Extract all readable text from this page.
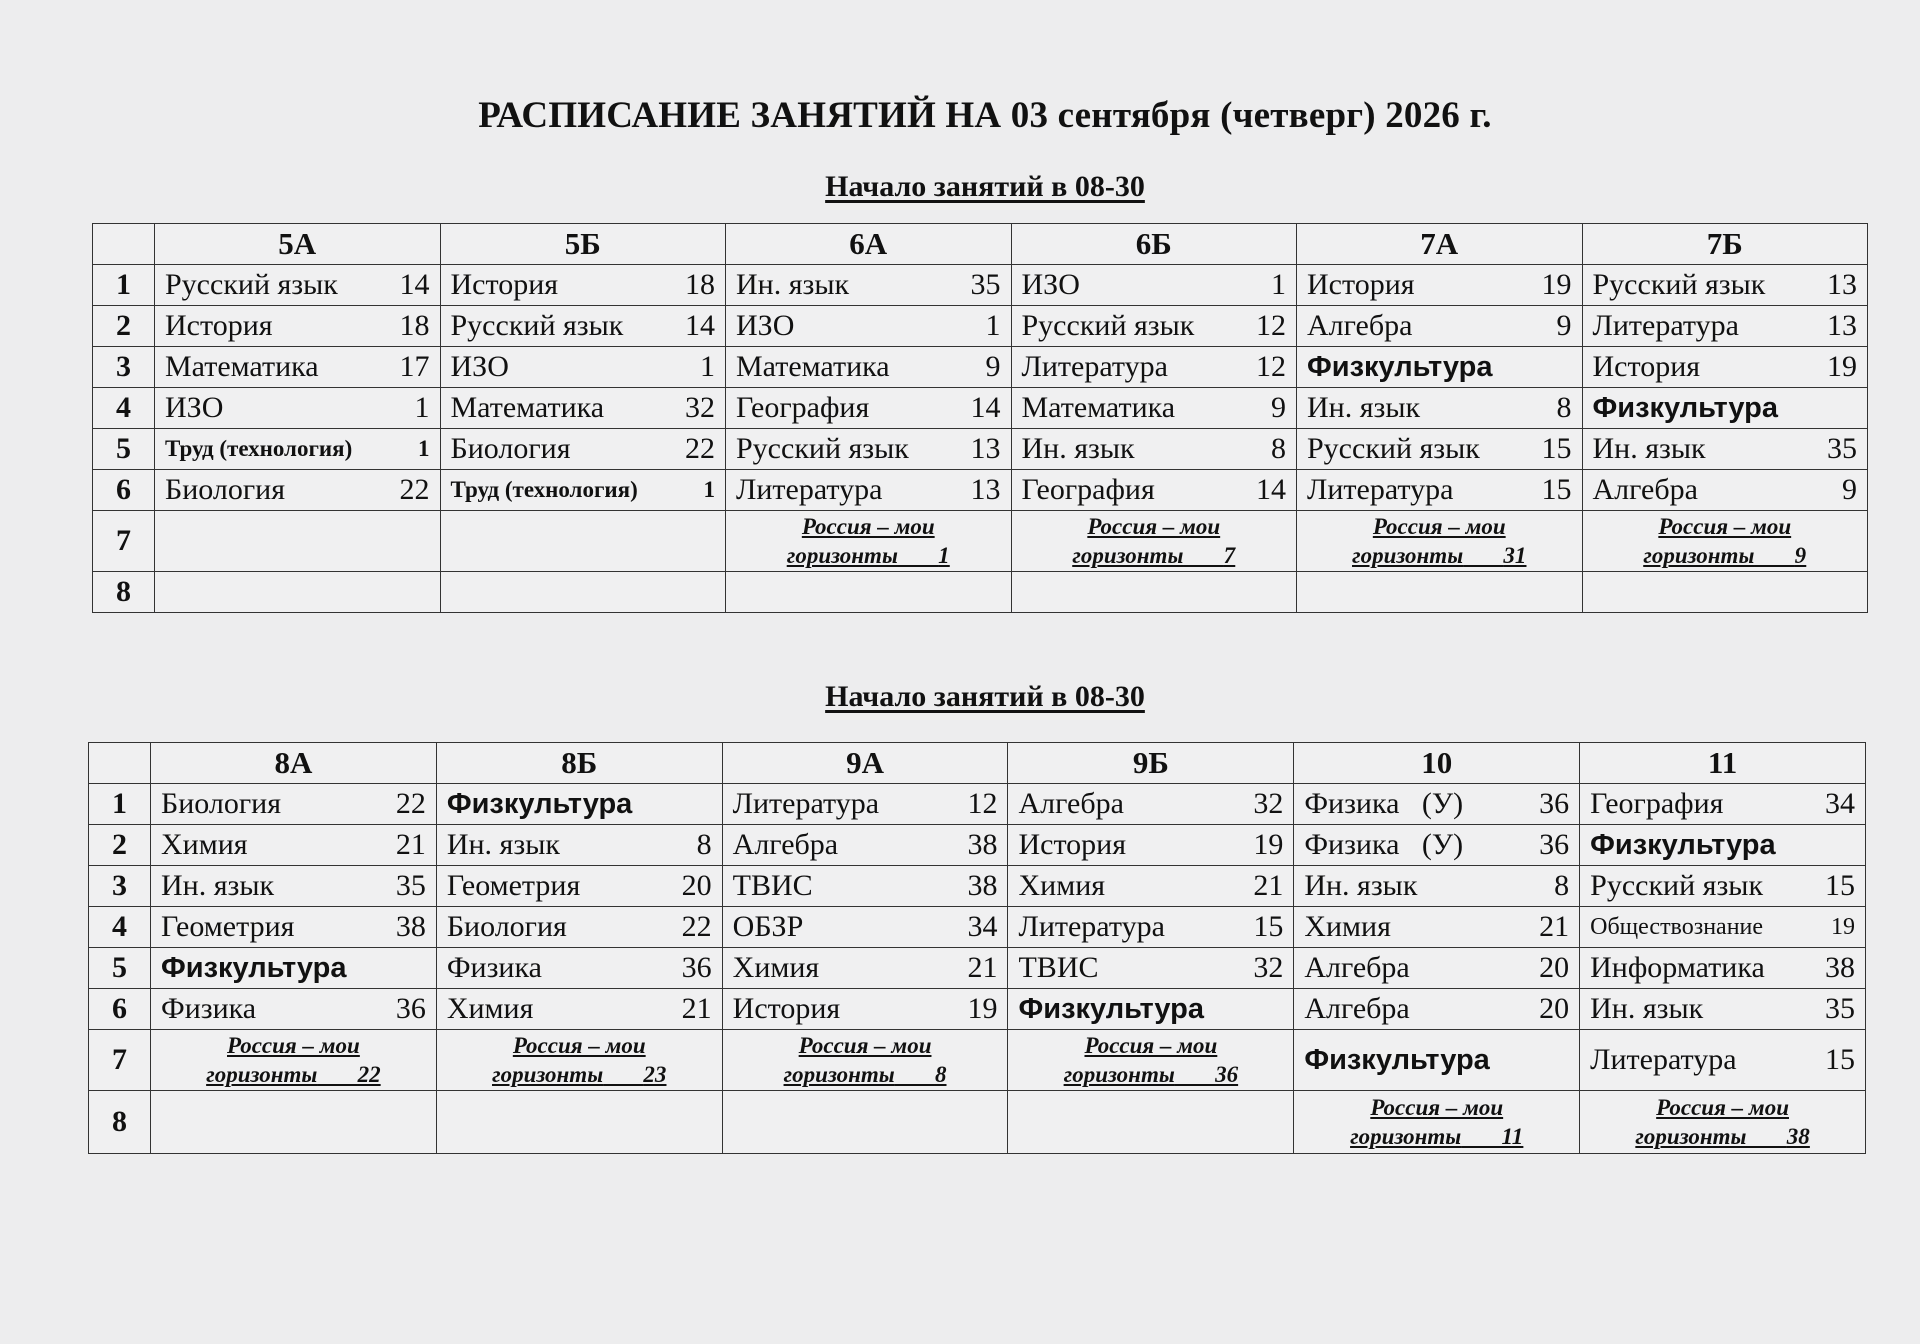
РАСПИСАНИЕ ЗАНЯТИЙ НА 03 сентября (четверг) 2026 г.
Начало занятий в 08-30
	5А	5Б	6А	6Б	7А	7Б
1	Русский язык 14	История 18	Ин. язык 35	ИЗО 1	История 19	Русский язык 13

2	История 18	Русский язык 14	ИЗО 1	Русский язык 12	Алгебра 9	Литература 13

3	Математика 17	ИЗО 1	Математика 9	Литература 12	Физкультура	История 19

4	ИЗО 1	Математика 32	География 14	Математика 9	Ин. язык 8	Физкультура

5	Труд (технология) 1	Биология 22	Русский язык 13	Ин. язык 8	Русский язык 15	Ин. язык 35

6	Биология 22	Труд (технология) 1	Литература 13	География 14	Литература 15	Алгебра 9

7			Россия – мои
горизонты 1	Россия – мои
горизонты 7	Россия – мои
горизонты 31	Россия – мои
горизонты 9

8						
Начало занятий в 08-30
	8А	8Б	9А	9Б	10	11
1	Биология 22	Физкультура	Литература 12	Алгебра 32	Физика   (У) 36	География 34

2	Химия 21	Ин. язык 8	Алгебра 38	История 19	Физика   (У) 36	Физкультура

3	Ин. язык 35	Геометрия 20	ТВИС 38	Химия 21	Ин. язык 8	Русский язык 15

4	Геометрия 38	Биология 22	ОБЗР 34	Литература 15	Химия 21	Обществознание 19

5	Физкультура	Физика 36	Химия 21	ТВИС 32	Алгебра 20	Информатика 38

6	Физика 36	Химия 21	История 19	Физкультура	Алгебра 20	Ин. язык 35

7	Россия – мои
горизонты 22	Россия – мои
горизонты 23	Россия – мои
горизонты 8	Россия – мои
горизонты 36	Физкультура	Литература 15

8					Россия – мои
горизонты 11	Россия – мои
горизонты 38
